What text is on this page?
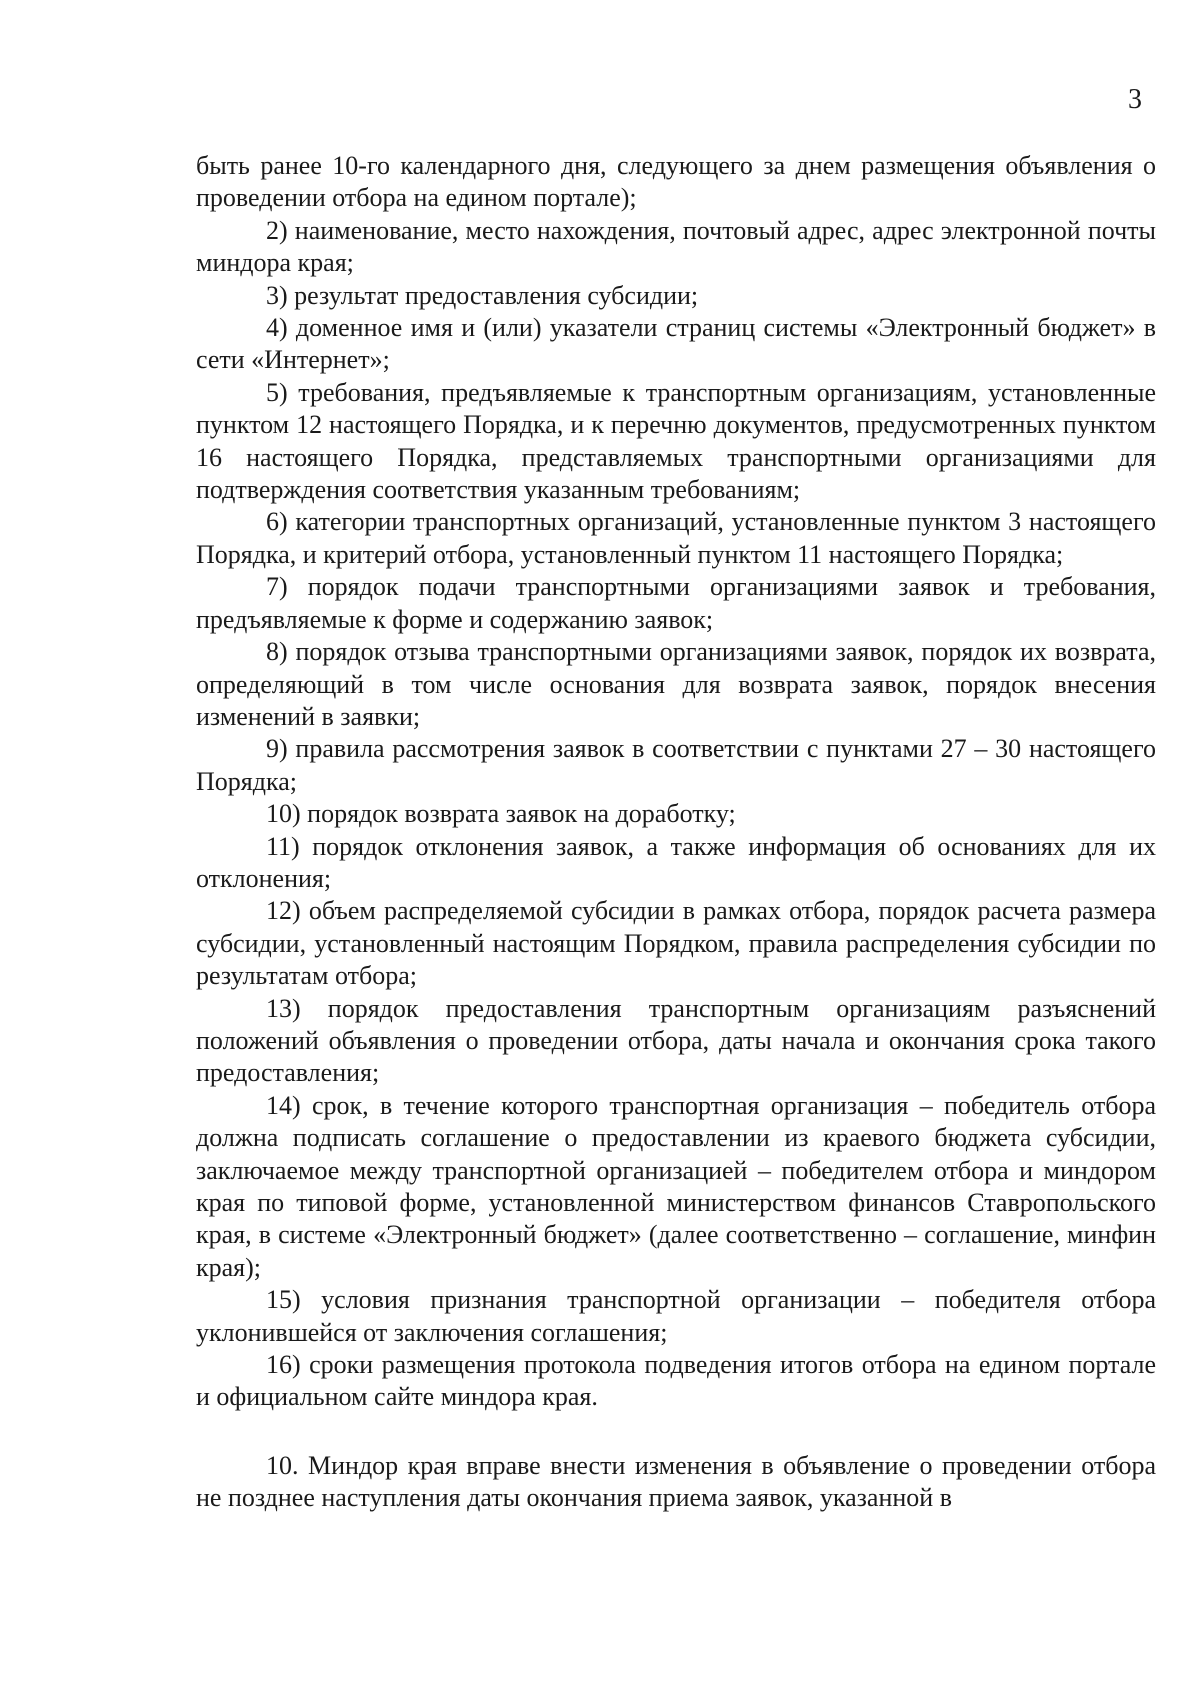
3

быть ранее 10-го календарного дня, следующего за днем размещения объявления о проведении отбора на едином портале);

2) наименование, место нахождения, почтовый адрес, адрес электронной почты миндора края;

3) результат предоставления субсидии;

4) доменное имя и (или) указатели страниц системы «Электронный бюджет» в сети «Интернет»;

5) требования, предъявляемые к транспортным организациям, установленные пунктом 12 настоящего Порядка, и к перечню документов, предусмотренных пунктом 16 настоящего Порядка, представляемых транспортными организациями для подтверждения соответствия указанным требованиям;

6) категории транспортных организаций, установленные пунктом 3 настоящего Порядка, и критерий отбора, установленный пунктом 11 настоящего Порядка;

7) порядок подачи транспортными организациями заявок и требования, предъявляемые к форме и содержанию заявок;

8) порядок отзыва транспортными организациями заявок, порядок их возврата, определяющий в том числе основания для возврата заявок, порядок внесения изменений в заявки;

9) правила рассмотрения заявок в соответствии с пунктами 27 – 30 настоящего Порядка;

10) порядок возврата заявок на доработку;

11) порядок отклонения заявок, а также информация об основаниях для их отклонения;

12) объем распределяемой субсидии в рамках отбора, порядок расчета размера субсидии, установленный настоящим Порядком, правила распределения субсидии по результатам отбора;

13) порядок предоставления транспортным организациям разъяснений положений объявления о проведении отбора, даты начала и окончания срока такого предоставления;

14) срок, в течение которого транспортная организация – победитель отбора должна подписать соглашение о предоставлении из краевого бюджета субсидии, заключаемое между транспортной организацией – победителем отбора и миндором края по типовой форме, установленной министерством финансов Ставропольского края, в системе «Электронный бюджет» (далее соответственно – соглашение, минфин края);

15) условия признания транспортной организации – победителя отбора уклонившейся от заключения соглашения;

16) сроки размещения протокола подведения итогов отбора на едином портале и официальном сайте миндора края.

10. Миндор края вправе внести изменения в объявление о проведении отбора не позднее наступления даты окончания приема заявок, указанной в
